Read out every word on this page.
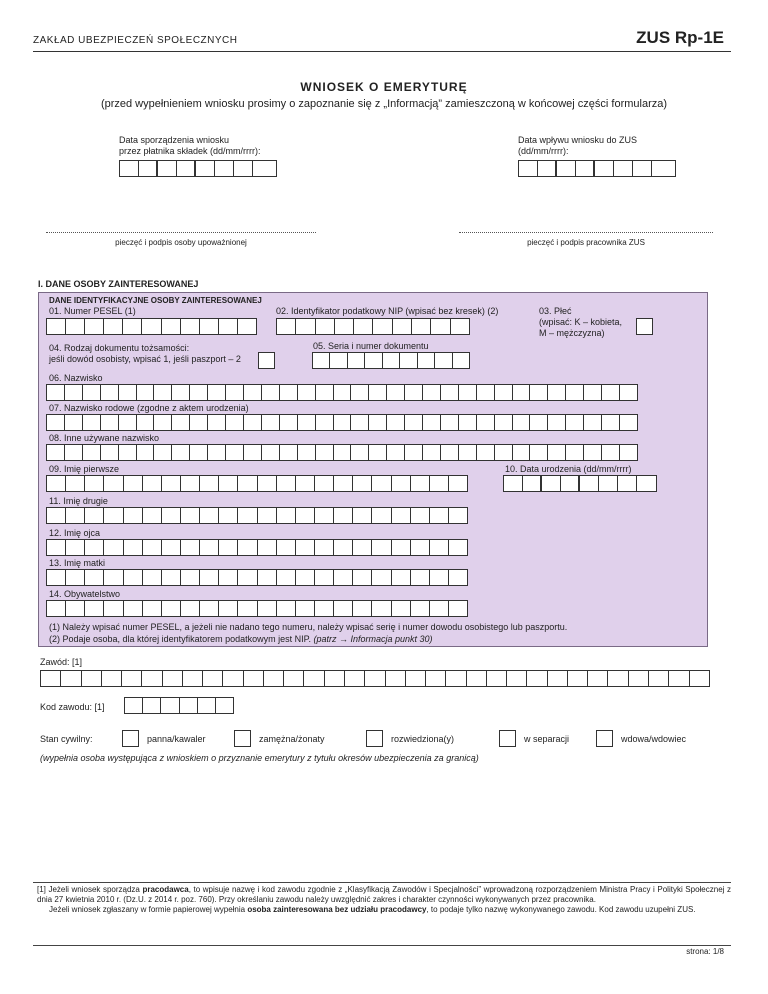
ZAKŁAD UBEZPIECZEŃ SPOŁECZNYCH	ZUS Rp-1E
WNIOSEK O EMERYTURĘ
(przed wypełnieniem wniosku prosimy o zapoznanie się z „Informacją” zamieszczoną w końcowej części formularza)
Data sporządzenia wniosku
przez płatnika składek (dd/mm/rrrr):
Data wpływu wniosku do ZUS
(dd/mm/rrrr):
pieczęć i podpis osoby upoważnionej	pieczęć i podpis pracownika ZUS
I. DANE OSOBY ZAINTERESOWANEJ
DANE IDENTYFIKACYJNE OSOBY ZAINTERESOWANEJ
01. Numer PESEL (1)	02. Identyfikator podatkowy NIP (wpisać bez kresek) (2)	03. Płeć
(wpisać: K – kobieta,
M – mężczyzna)
04. Rodzaj dokumentu tożsamości:
jeśli dowód osobisty, wpisać 1, jeśli paszport – 2
05. Seria i numer dokumentu
06. Nazwisko
07. Nazwisko rodowe (zgodne z aktem urodzenia)
08. Inne używane nazwisko
09. Imię pierwsze	10. Data urodzenia (dd/mm/rrrr)
11. Imię drugie
12. Imię ojca
13. Imię matki
14. Obywatelstwo
(1) Należy wpisać numer PESEL, a jeżeli nie nadano tego numeru, należy wpisać serię i numer dowodu osobistego lub paszportu.
(2) Podaje osoba, dla której identyfikatorem podatkowym jest NIP. (patrz → Informacja punkt 30)
Zawód: [1]
Kod zawodu: [1]
Stan cywilny:	panna/kawaler	zamężna/żonaty	rozwiedziona(y)	w separacji	wdowa/wdowiec
(wypełnia osoba występująca z wnioskiem o przyznanie emerytury z tytułu okresów ubezpieczenia za granicą)
[1] Jeżeli wniosek sporządza pracodawca, to wpisuje nazwę i kod zawodu zgodnie z „Klasyfikacją Zawodów i Specjalności” wprowadzoną rozporządzeniem Ministra Pracy i Polityki Społecznej z dnia 27 kwietnia 2010 r. (Dz.U. z 2014 r. poz. 760). Przy określaniu zawodu należy uwzględnić zakres i charakter czynności wykonywanych przez pracownika.
Jeżeli wniosek zgłaszany w formie papierowej wypełnia osoba zainteresowana bez udziału pracodawcy, to podaje tylko nazwę wykonywanego zawodu. Kod zawodu uzupełni ZUS.
strona: 1/8
